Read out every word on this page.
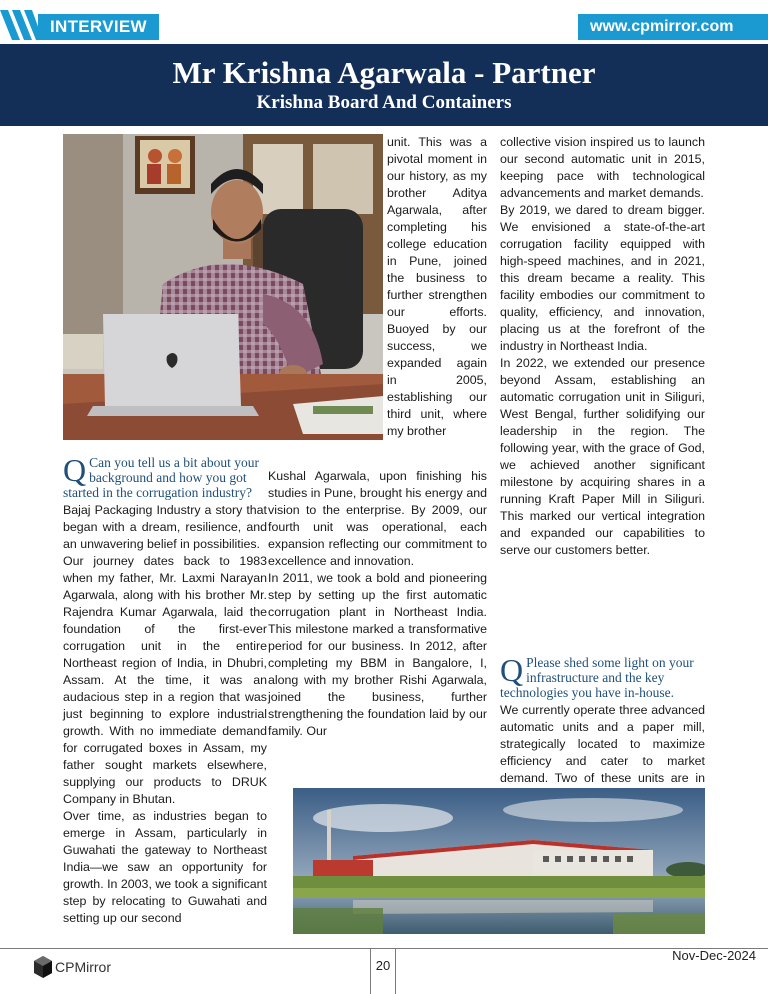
INTERVIEW	www.cpmirror.com
Mr Krishna Agarwala - Partner
Krishna Board And Containers

unit. This was a pivotal moment in our history, as my brother Aditya Agarwala, after completing his college education in Pune, joined the business to further strengthen our efforts. Buoyed by our success, we expanded again in 2005, establishing our third unit, where my brother

Q Can you tell us a bit about your background and how you got started in the corrugation industry?

Bajaj Packaging Industry a story that began with a dream, resilience, and an unwavering belief in possibilities.

Our journey dates back to 1983 when my father, Mr. Laxmi Narayan Agarwala, along with his brother Mr. Rajendra Kumar Agarwala, laid the foundation of the first-ever corrugation unit in the entire Northeast region of India, in Dhubri, Assam. At the time, it was an audacious step in a region that was just beginning to explore industrial growth. With no immediate demand for corrugated boxes in Assam, my father sought markets elsewhere, supplying our products to DRUK Company in Bhutan.

Over time, as industries began to emerge in Assam, particularly in Guwahati the gateway to Northeast India—we saw an opportunity for growth. In 2003, we took a significant step by relocating to Guwahati and setting up our second

Kushal Agarwala, upon finishing his studies in Pune, brought his energy and vision to the enterprise. By 2009, our fourth unit was operational, each expansion reflecting our commitment to excellence and innovation.

In 2011, we took a bold and pioneering step by setting up the first automatic corrugation plant in Northeast India. This milestone marked a transformative period for our business. In 2012, after completing my BBM in Bangalore, I, along with my brother Rishi Agarwala, joined the business, further strengthening the foundation laid by our family. Our

collective vision inspired us to launch our second automatic unit in 2015, keeping pace with technological advancements and market demands.

By 2019, we dared to dream bigger. We envisioned a state-of-the-art corrugation facility equipped with high-speed machines, and in 2021, this dream became a reality. This facility embodies our commitment to quality, efficiency, and innovation, placing us at the forefront of the industry in Northeast India.

In 2022, we extended our presence beyond Assam, establishing an automatic corrugation unit in Siliguri, West Bengal, further solidifying our leadership in the region. The following year, with the grace of God, we achieved another significant milestone by acquiring shares in a running Kraft Paper Mill in Siliguri. This marked our vertical integration and expanded our capabilities to serve our customers better.

Q Please shed some light on your infrastructure and the key technologies you have in-house.

We currently operate three advanced automatic units and a paper mill, strategically located to maximize efficiency and cater to market demand. Two of these units are in

CPMirror	20
Nov-Dec-2024
